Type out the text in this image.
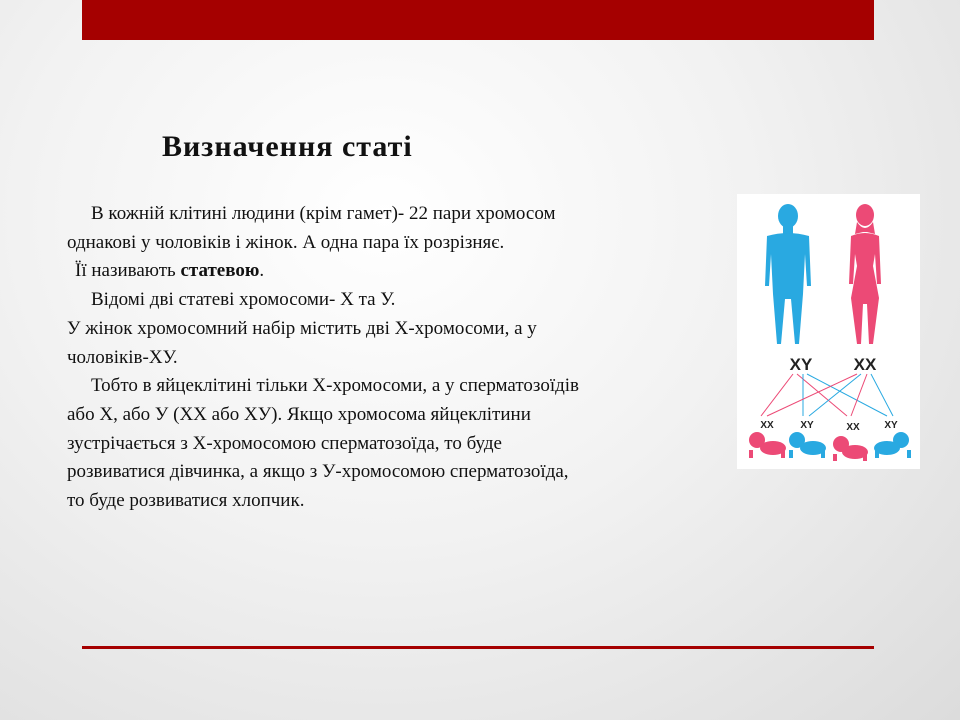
Визначення статі
В кожній клітині людини (крім гамет)- 22 пари хромосом
однакові у чоловіків і жінок. А одна пара їх розрізняє.
Її називають статевою.
Відомі дві статеві хромосоми- Х та У.
У жінок хромосомний набір містить дві Х-хромосоми, а у
чоловіків-ХУ.
Тобто в яйцеклітині тільки Х-хромосоми, а у сперматозоїдів
або Х, або У (ХХ або ХУ). Якщо хромосома яйцеклітини
зустрічається з Х-хромосомою сперматозоїда, то буде
розвиватися дівчинка, а якщо з У-хромосомою сперматозоїда,
то буде розвиватися хлопчик.
XY XX
XX	XY	XX XY
